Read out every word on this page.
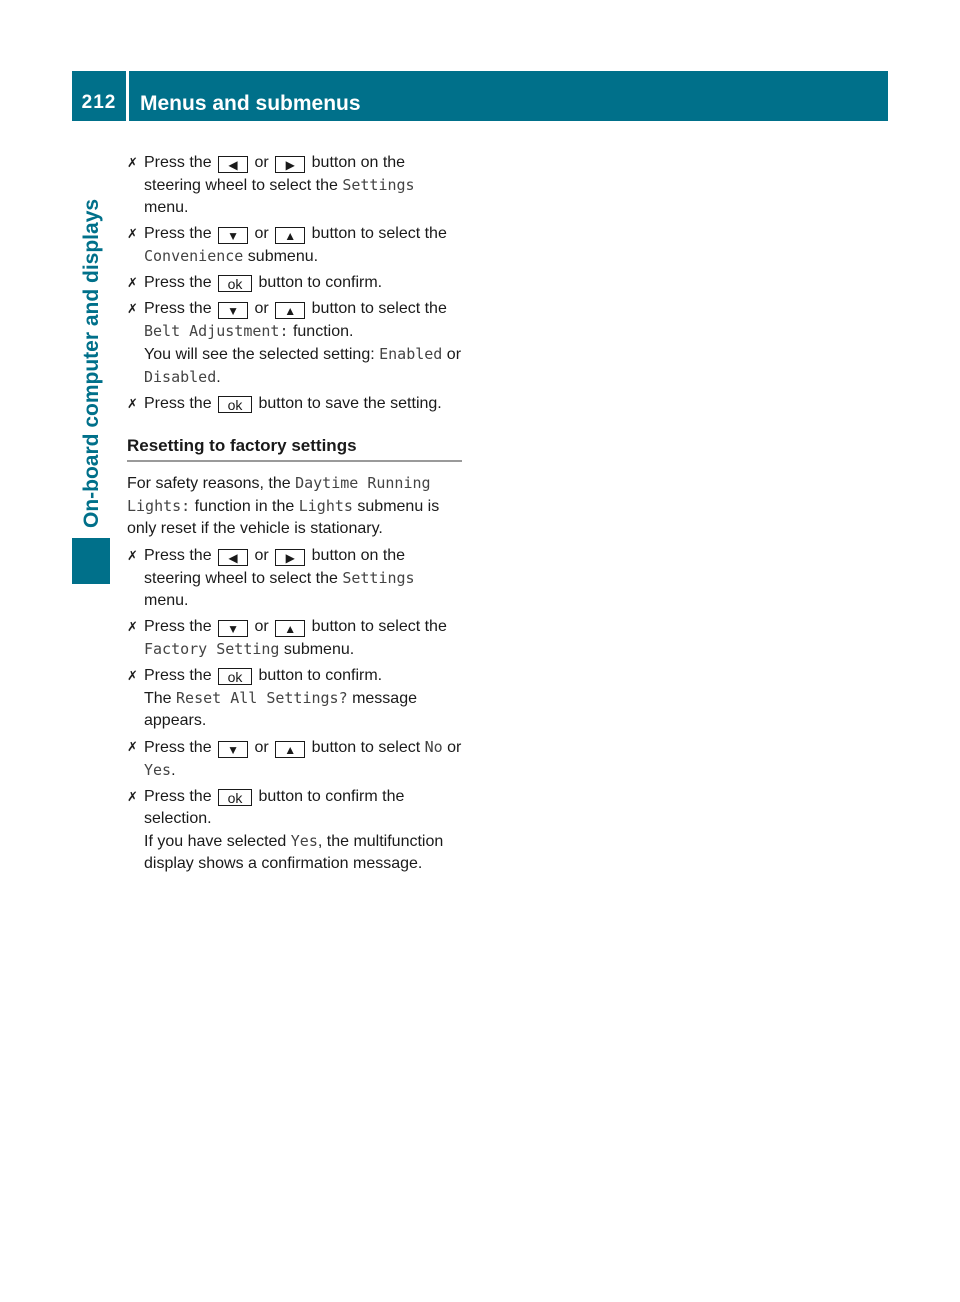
212	Menus and submenus
On-board computer and displays
✗ Press the ◀ or ▶ button on the steering wheel to select the Settings menu.
✗ Press the ▼ or ▲ button to select the Convenience submenu.
✗ Press the ok button to confirm.
✗ Press the ▼ or ▲ button to select the Belt Adjustment: function.
You will see the selected setting: Enabled or Disabled.
✗ Press the ok button to save the setting.
Resetting to factory settings
For safety reasons, the Daytime Running Lights: function in the Lights submenu is only reset if the vehicle is stationary.
✗ Press the ◀ or ▶ button on the steering wheel to select the Settings menu.
✗ Press the ▼ or ▲ button to select the Factory Setting submenu.
✗ Press the ok button to confirm.
The Reset All Settings? message appears.
✗ Press the ▼ or ▲ button to select No or Yes.
✗ Press the ok button to confirm the selection.
If you have selected Yes, the multifunction display shows a confirmation message.
